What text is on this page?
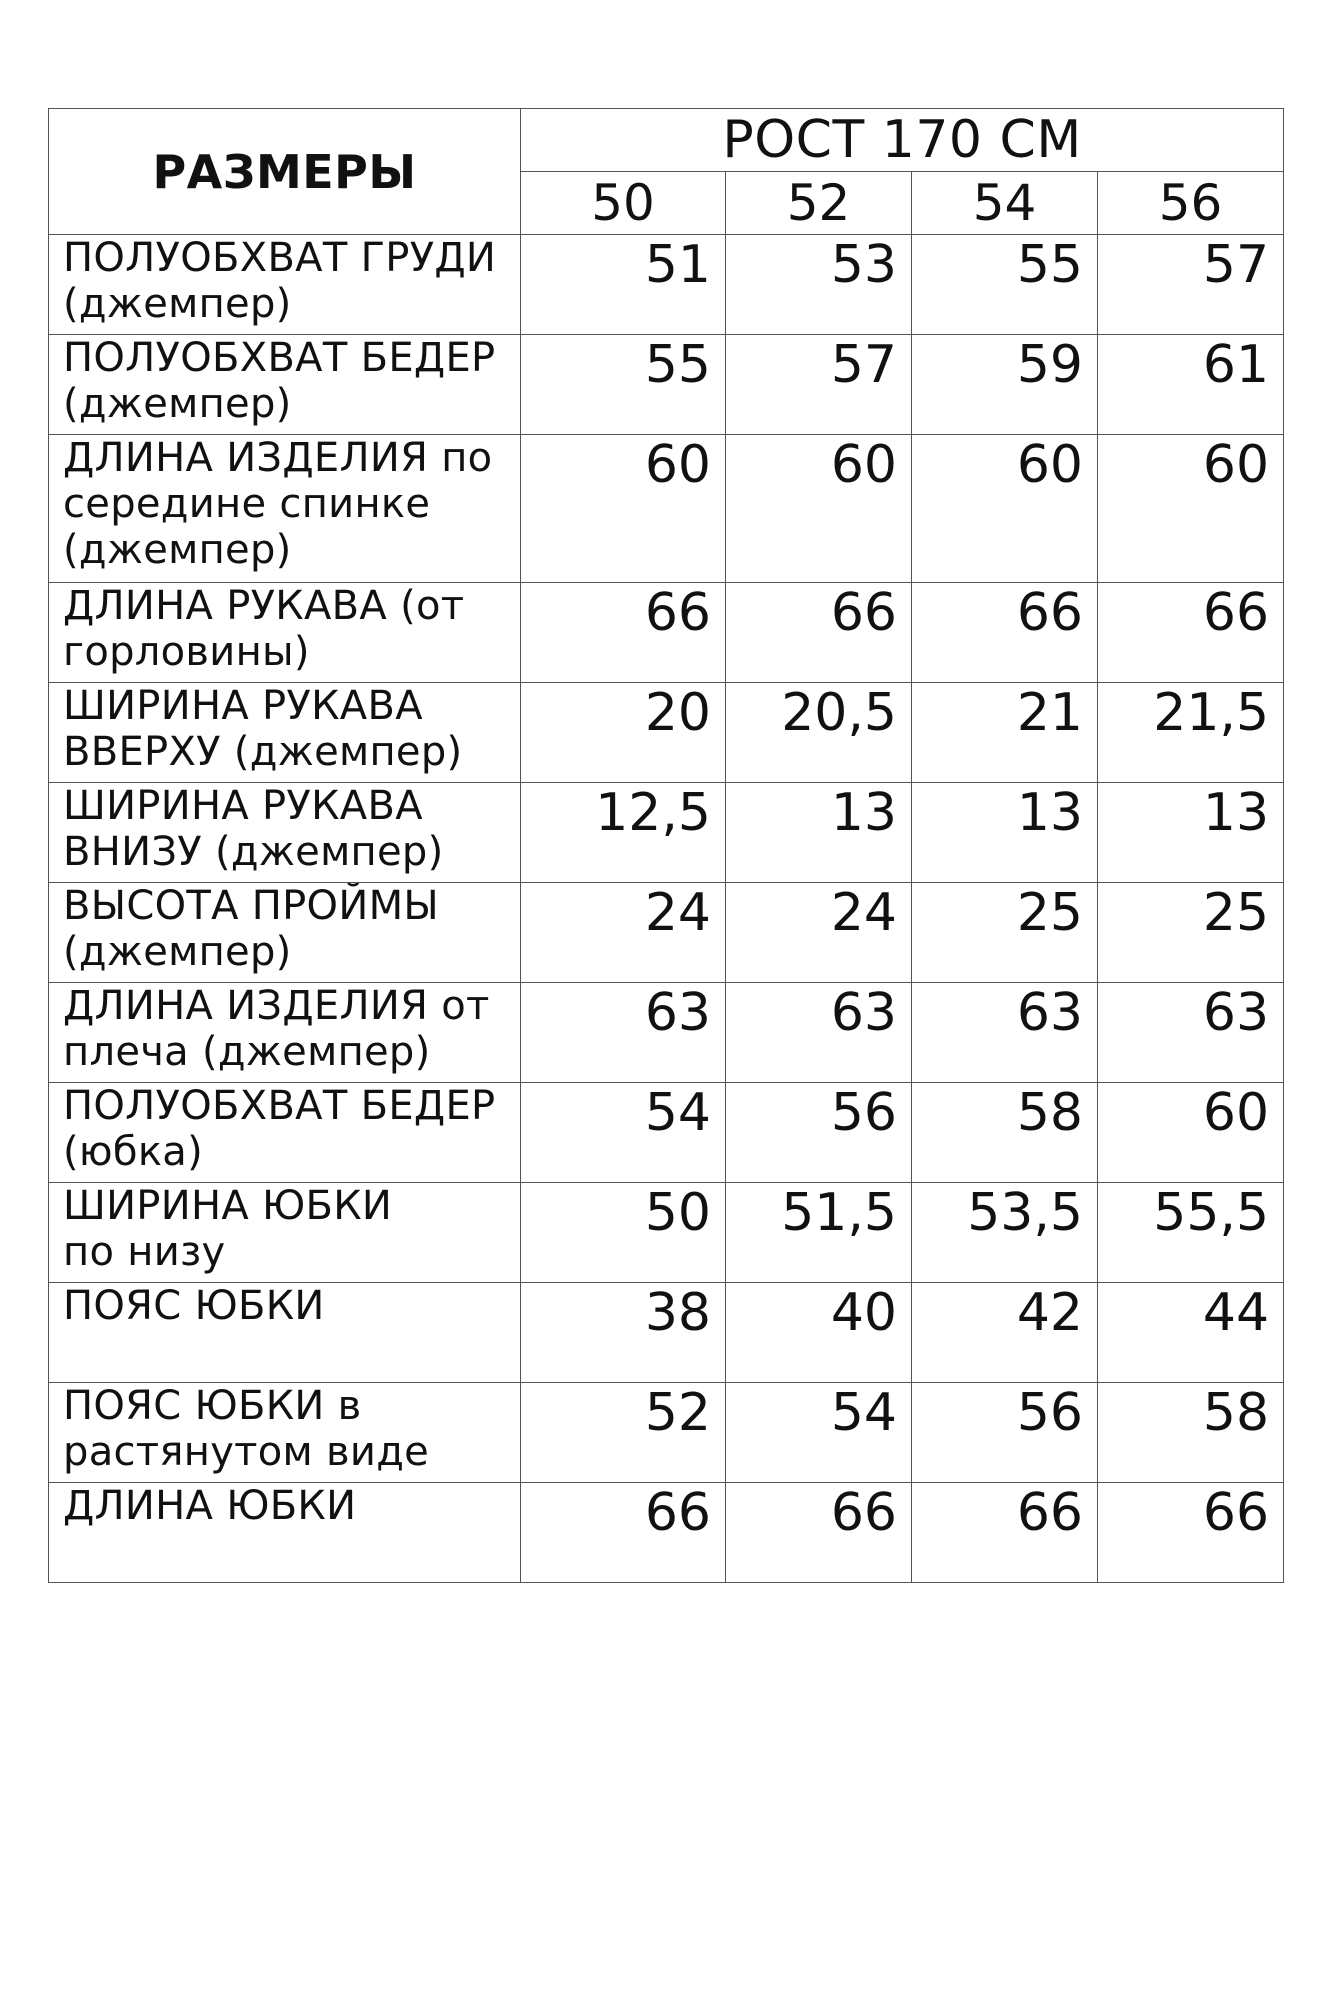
РАЗМЕРЫ	РОСТ 170 СМ			
	50	52	54	56

ПОЛУОБХВАТ ГРУДИ
(джемпер)	51	53	55	57

ПОЛУОБХВАТ БЕДЕР
(джемпер)	55	57	59	61

ДЛИНА ИЗДЕЛИЯ по
середине спинке
(джемпер)	60	60	60	60

ДЛИНА РУКАВА (от
горловины)	66	66	66	66

ШИРИНА РУКАВА
ВВЕРХУ (джемпер)	20	20,5	21	21,5

ШИРИНА РУКАВА
ВНИЗУ (джемпер)	12,5	13	13	13

ВЫСОТА ПРОЙМЫ
(джемпер)	24	24	25	25

ДЛИНА ИЗДЕЛИЯ от
плеча (джемпер)	63	63	63	63

ПОЛУОБХВАТ БЕДЕР
(юбка)	54	56	58	60

ШИРИНА ЮБКИ
по низу	50	51,5	53,5	55,5

ПОЯС ЮБКИ	38	40	42	44

ПОЯС ЮБКИ в
растянутом виде	52	54	56	58

ДЛИНА ЮБКИ	66	66	66	66
